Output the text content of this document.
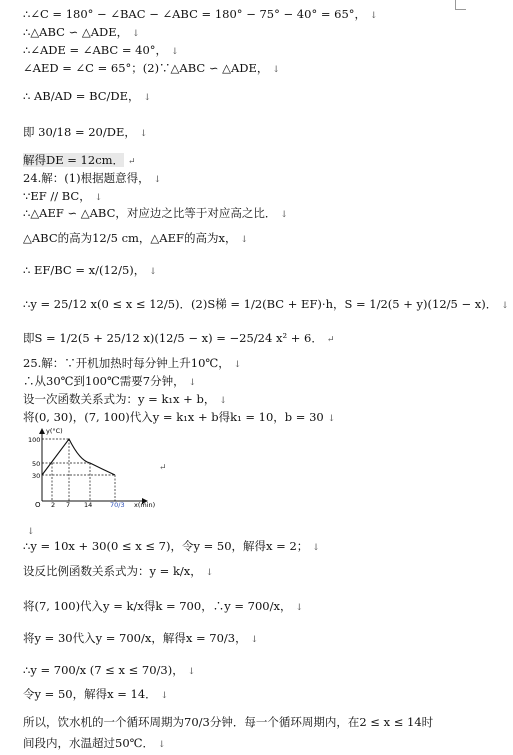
∴∠C = 180° − ∠BAC − ∠ABC = 180° − 75° − 40° = 65°， ↓
∴△ABC ∽ △ADE， ↓
∴∠ADE = ∠ABC = 40°， ↓
∠AED = ∠C = 65°；(2)∵△ABC ∽ △ADE， ↓
∴ AB/AD = BC/DE， ↓
即 30/18 = 20/DE， ↓
解得DE = 12cm． ↵
24.解：(1)根据题意得， ↓
∵EF // BC， ↓
∴△AEF ∽ △ABC，对应边之比等于对应高之比． ↓
△ABC的高为12/5 cm，△AEF的高为x， ↓
∴ EF/BC = x/(12/5)， ↓
∴y = 25/12 x(0 ≤ x ≤ 12/5)．(2)S梯 = 1/2(BC + EF)·h，S = 1/2(5 + y)(12/5 − x)． ↓
即S = 1/2(5 + 25/12 x)(12/5 − x) = −25/24 x² + 6． ↵
25.解：∵开机加热时每分钟上升10℃， ↓
∴从30℃到100℃需要7分钟， ↓
设一次函数关系式为：y = k₁x + b， ↓
将(0, 30)，(7, 100)代入y = k₁x + b得k₁ = 10，b = 30 ↓
y(°C)
x(min)
O
100
50
30
2 7 14	70/3
↵
↓
∴y = 10x + 30(0 ≤ x ≤ 7)，令y = 50，解得x = 2； ↓
设反比例函数关系式为：y = k/x， ↓
将(7, 100)代入y = k/x得k = 700，∴y = 700/x， ↓
将y = 30代入y = 700/x，解得x = 70/3， ↓
∴y = 700/x (7 ≤ x ≤ 70/3)， ↓
令y = 50，解得x = 14． ↓
所以，饮水机的一个循环周期为70/3分钟．每一个循环周期内，在2 ≤ x ≤ 14时
间段内，水温超过50℃． ↓
